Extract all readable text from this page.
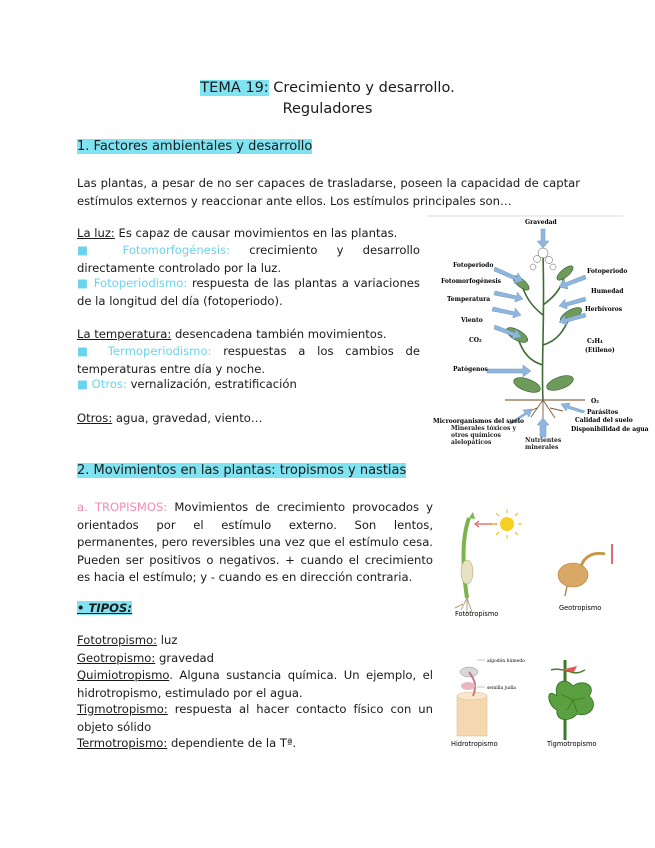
TEMA 19: Crecimiento y desarrollo.
Reguladores
1. Factores ambientales y desarrollo
Las plantas, a pesar de no ser capaces de trasladarse, poseen la capacidad de captar estímulos externos y reaccionar ante ellos. Los estímulos principales son…
La luz: Es capaz de causar movimientos en las plantas.
■ Fotomorfogénesis: crecimiento y desarrollo directamente controlado por la luz.
■ Fotoperiodismo: respuesta de las plantas a variaciones de la longitud del día (fotoperiodo).
La temperatura: desencadena también movimientos.
■ Termoperiodismo: respuestas a los cambios de temperaturas entre día y noche.
■ Otros: vernalización, estratificación
Otros: agua, gravedad, viento…
Gravedad
Fotoperiodo
Fotomorfogénesis
Temperatura
Viento
CO₂
Fotoperiodo
Humedad
Herbívoros
C₂H₄
(Etileno)
Patógenos
O₂
Parásitos
Calidad del suelo
Disponibilidad de agua
Microorganismos del suelo
Minerales tóxicos y otros químicos alelopáticos	Nutrientes minerales
2. Movimientos en las plantas: tropismos y nastias
a. TROPISMOS: Movimientos de crecimiento provocados y orientados por el estímulo externo. Son lentos, permanentes, pero reversibles una vez que el estímulo cesa. Pueden ser positivos o negativos. + cuando el crecimiento es hacia el estímulo; y - cuando es en dirección contraria.
• TIPOS:
Fototropismo: luz
Geotropismo: gravedad
Quimiotropismo. Alguna sustancia química. Un ejemplo, el hidrotropismo, estimulado por el agua.
Tigmotropismo: respuesta al hacer contacto físico con un objeto sólido
Termotropismo: dependiente de la Tª.
Fototropismo
Geotropismo
algodón húmedo
semilla judía
Hidrotropismo	Tigmotropismo
